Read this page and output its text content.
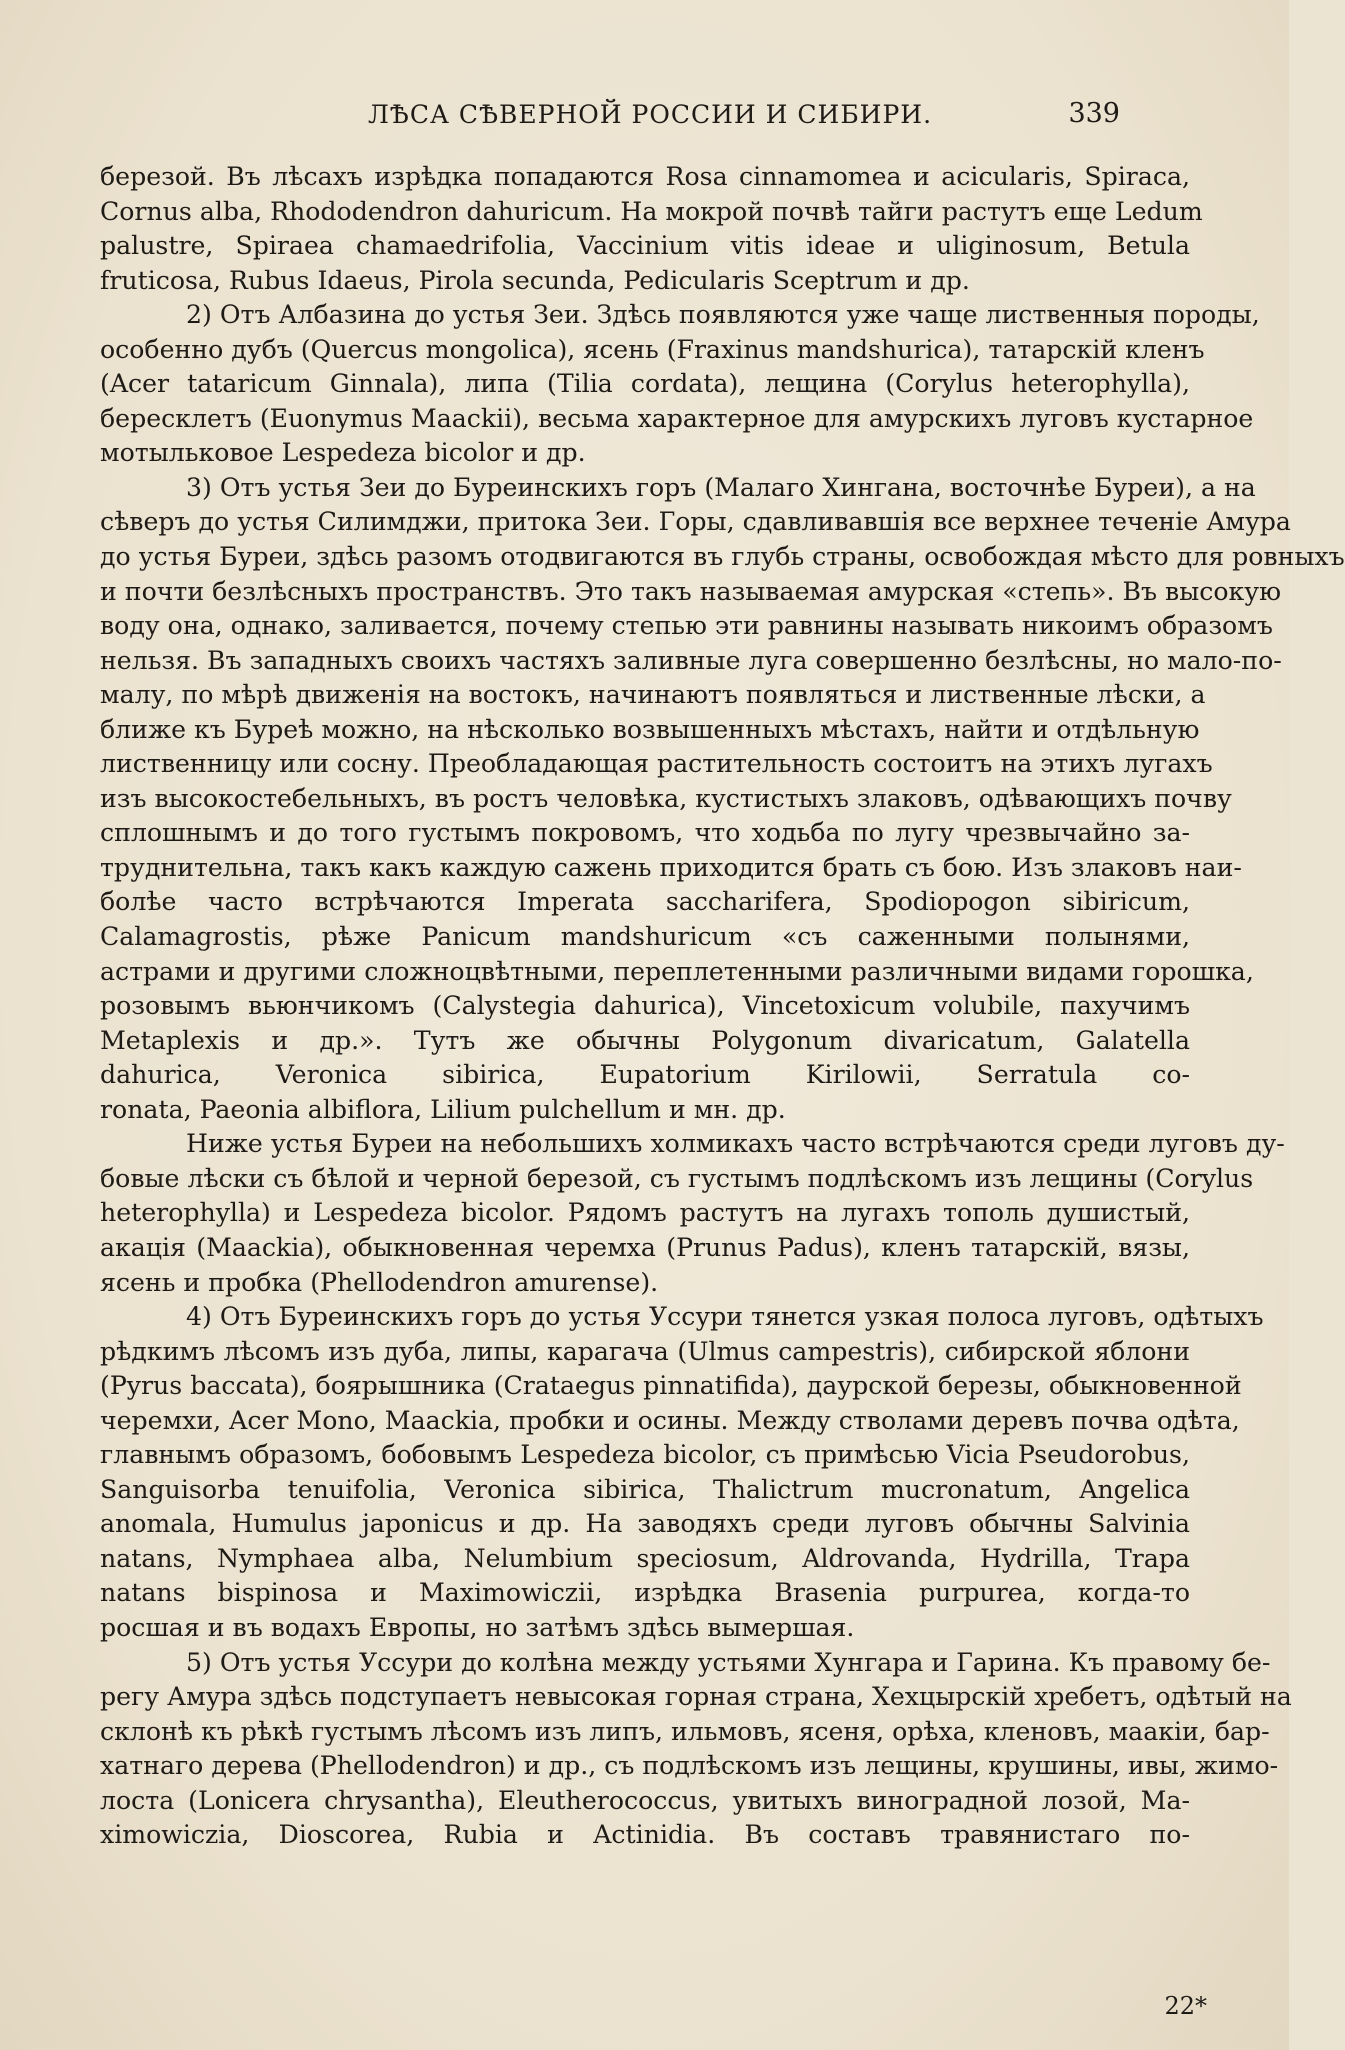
ЛѢСА СѢВЕРНОЙ РОССИИ И СИБИРИ.	339
березой. Въ лѣсахъ изрѣдка попадаются Rosa cinnamomea и acicularis, Spiraca,
Cornus alba, Rhododendron dahuricum. На мокрой почвѣ тайги растутъ еще Ledum
palustre, Spiraea chamaedrifolia, Vaccinium vitis ideae и uliginosum, Betula
fruticosa, Rubus Idaeus, Pirola secunda, Pedicularis Sceptrum и др.
2) Отъ Албазина до устья Зеи. Здѣсь появляются уже чаще лиственныя породы,
особенно дубъ (Quercus mongolica), ясень (Fraxinus mandshurica), татарскій кленъ
(Acer tataricum Ginnala), липа (Tilia cordata), лещина (Corylus heterophylla),
бересклетъ (Euonymus Maackii), весьма характерное для амурскихъ луговъ кустарное
мотыльковое Lespedeza bicolor и др.
3) Отъ устья Зеи до Буреинскихъ горъ (Малаго Хингана, восточнѣе Буреи), а на
сѣверъ до устья Силимджи, притока Зеи. Горы, сдавливавшія все верхнее теченіе Амура
до устья Буреи, здѣсь разомъ отодвигаются въ глубь страны, освобождая мѣсто для ровныхъ
и почти безлѣсныхъ пространствъ. Это такъ называемая амурская «степь». Въ высокую
воду она, однако, заливается, почему степью эти равнины называть никоимъ образомъ
нельзя. Въ западныхъ своихъ частяхъ заливные луга совершенно безлѣсны, но мало-по-
малу, по мѣрѣ движенія на востокъ, начинаютъ появляться и лиственные лѣски, а
ближе къ Буреѣ можно, на нѣсколько возвышенныхъ мѣстахъ, найти и отдѣльную
лиственницу или сосну. Преобладающая растительность состоитъ на этихъ лугахъ
изъ высокостебельныхъ, въ ростъ человѣка, кустистыхъ злаковъ, одѣвающихъ почву
сплошнымъ и до того густымъ покровомъ, что ходьба по лугу чрезвычайно за-
труднительна, такъ какъ каждую сажень приходится брать съ бою. Изъ злаковъ наи-
болѣе часто встрѣчаются Imperata saccharifera, Spodiopogon sibiricum,
Calamagrostis, рѣже Panicum mandshuricum «съ саженными полынями,
астрами и другими сложноцвѣтными, переплетенными различными видами горошка,
розовымъ вьюнчикомъ (Calystegia dahurica), Vincetoxicum volubile, пахучимъ
Metaplexis и др.». Тутъ же обычны Polygonum divaricatum, Galatella
dahurica, Veronica sibirica, Eupatorium Kirilowii, Serratula co-
ronata, Paeonia albiflora, Lilium pulchellum и мн. др.
Ниже устья Буреи на небольшихъ холмикахъ часто встрѣчаются среди луговъ ду-
бовые лѣски съ бѣлой и черной березой, съ густымъ подлѣскомъ изъ лещины (Corylus
heterophylla) и Lespedeza bicolor. Рядомъ растутъ на лугахъ тополь душистый,
акація (Maackia), обыкновенная черемха (Prunus Padus), кленъ татарскій, вязы,
ясень и пробка (Phellodendron amurense).
4) Отъ Буреинскихъ горъ до устья Уссури тянется узкая полоса луговъ, одѣтыхъ
рѣдкимъ лѣсомъ изъ дуба, липы, карагача (Ulmus campestris), сибирской яблони
(Pyrus baccata), боярышника (Crataegus pinnatifida), даурской березы, обыкновенной
черемхи, Acer Mono, Maackia, пробки и осины. Между стволами деревъ почва одѣта,
главнымъ образомъ, бобовымъ Lespedeza bicolor, съ примѣсью Vicia Pseudorobus,
Sanguisorba tenuifolia, Veronica sibirica, Thalictrum mucronatum, Angelica
anomala, Humulus japonicus и др. На заводяхъ среди луговъ обычны Salvinia
natans, Nymphaea alba, Nelumbium speciosum, Aldrovanda, Hydrilla, Trapa
natans bispinosa и Maximowiczii, изрѣдка Brasenia purpurea, когда-то
росшая и въ водахъ Европы, но затѣмъ здѣсь вымершая.
5) Отъ устья Уссури до колѣна между устьями Хунгара и Гарина. Къ правому бе-
регу Амура здѣсь подступаетъ невысокая горная страна, Хехцырскій хребетъ, одѣтый на
склонѣ къ рѣкѣ густымъ лѣсомъ изъ липъ, ильмовъ, ясеня, орѣха, кленовъ, маакіи, бар-
хатнаго дерева (Phellodendron) и др., съ подлѣскомъ изъ лещины, крушины, ивы, жимо-
лоста (Lonicera chrysantha), Eleutherococcus, увитыхъ виноградной лозой, Ma-
ximowiczia, Dioscorea, Rubia и Actinidia. Въ составъ травянистаго по-
22*
